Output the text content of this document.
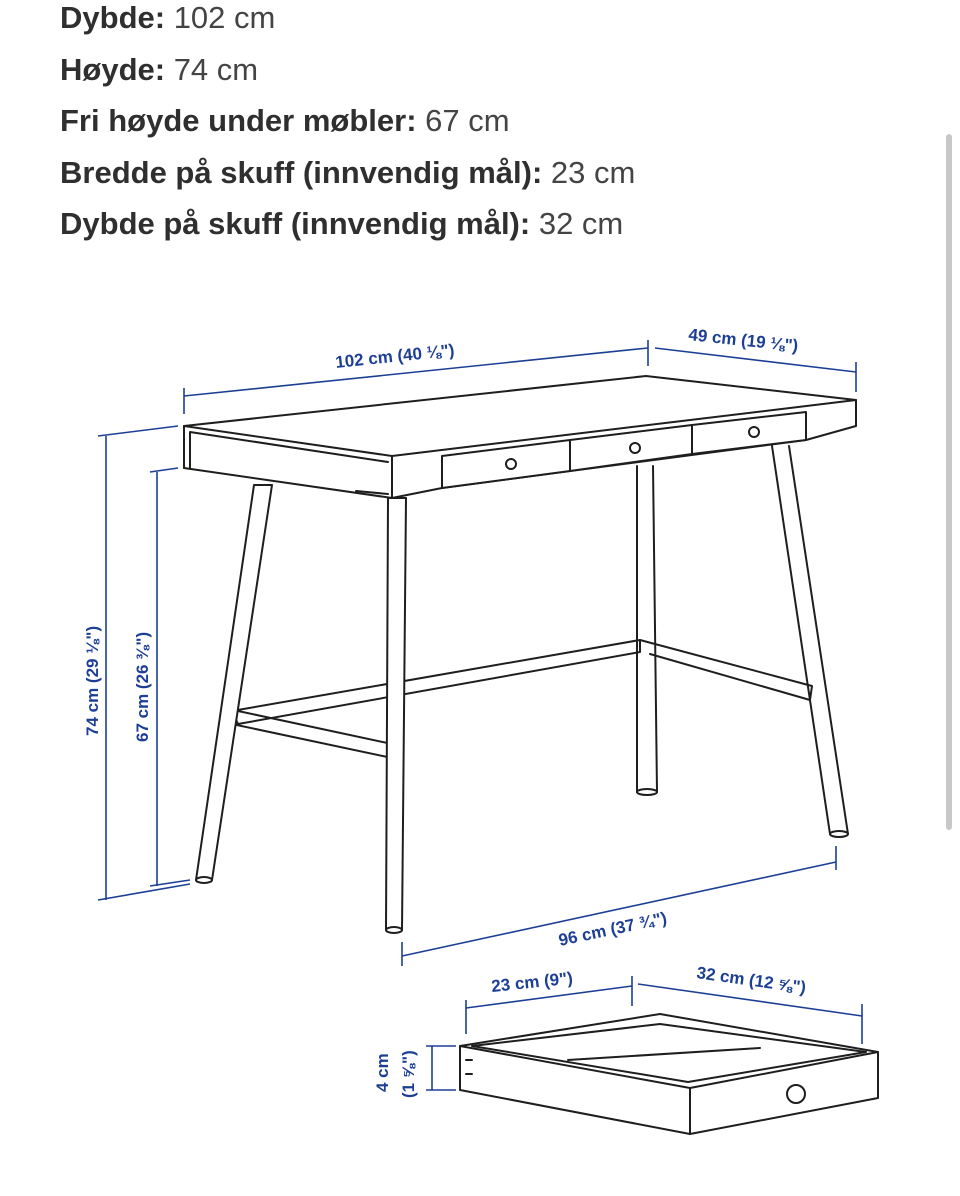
Dybde: 102 cm
Høyde: 74 cm
Fri høyde under møbler: 67 cm
Bredde på skuff (innvendig mål): 23 cm
Dybde på skuff (innvendig mål): 32 cm
102 cm (40 ⅛")
49 cm (19 ⅛")
74 cm (29 ⅛") 67 cm (26 ⅜")
96 cm (37 ¾")
23 cm (9")	32 cm (12 ⅝")
4 cm (1 ⅝")
